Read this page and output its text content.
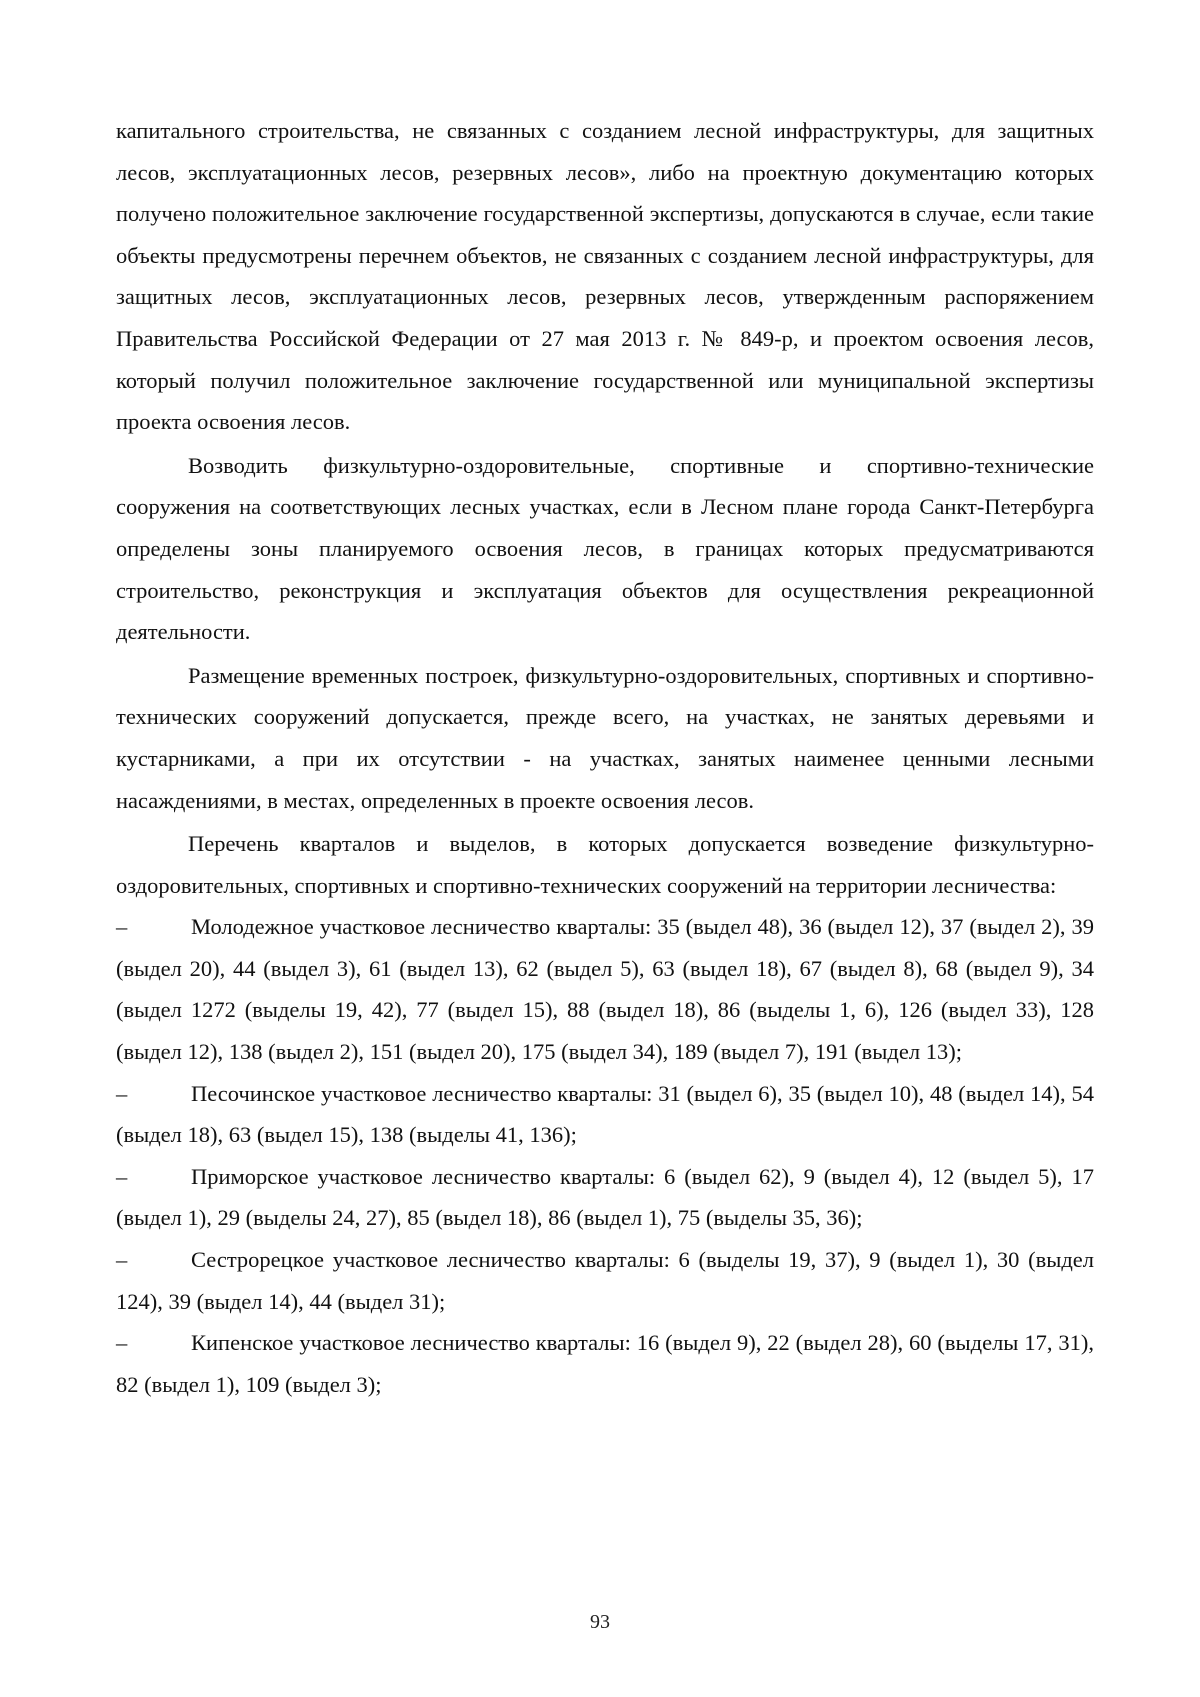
капитального строительства, не связанных с созданием лесной инфраструктуры, для защитных лесов, эксплуатационных лесов, резервных лесов», либо на проектную документацию которых получено положительное заключение государственной экспертизы, допускаются в случае, если такие объекты предусмотрены перечнем объектов, не связанных с созданием лесной инфраструктуры, для защитных лесов, эксплуатационных лесов, резервных лесов, утвержденным распоряжением Правительства Российской Федерации от 27 мая 2013 г. № 849-р, и проектом освоения лесов, который получил положительное заключение государственной или муниципальной экспертизы проекта освоения лесов.

Возводить физкультурно-оздоровительные, спортивные и спортивно-технические сооружения на соответствующих лесных участках, если в Лесном плане города Санкт-Петербурга определены зоны планируемого освоения лесов, в границах которых предусматриваются строительство, реконструкция и эксплуатация объектов для осуществления рекреационной деятельности.

Размещение временных построек, физкультурно-оздоровительных, спортивных и спортивно-технических сооружений допускается, прежде всего, на участках, не занятых деревьями и кустарниками, а при их отсутствии - на участках, занятых наименее ценными лесными насаждениями, в местах, определенных в проекте освоения лесов.

Перечень кварталов и выделов, в которых допускается возведение физкультурно-оздоровительных, спортивных и спортивно-технических сооружений на территории лесничества:

–	Молодежное участковое лесничество кварталы: 35 (выдел 48), 36 (выдел 12), 37 (выдел 2), 39 (выдел 20), 44 (выдел 3), 61 (выдел 13), 62 (выдел 5), 63 (выдел 18), 67 (выдел 8), 68 (выдел 9), 34 (выдел 1272 (выделы 19, 42), 77 (выдел 15), 88 (выдел 18), 86 (выделы 1, 6), 126 (выдел 33), 128 (выдел 12), 138 (выдел 2), 151 (выдел 20), 175 (выдел 34), 189 (выдел 7), 191 (выдел 13);

–	Песочинское участковое лесничество кварталы: 31 (выдел 6), 35 (выдел 10), 48 (выдел 14), 54 (выдел 18), 63 (выдел 15), 138 (выделы 41, 136);

–	Приморское участковое лесничество кварталы: 6 (выдел 62), 9 (выдел 4), 12 (выдел 5), 17 (выдел 1), 29 (выделы 24, 27), 85 (выдел 18), 86 (выдел 1), 75 (выделы 35, 36);

–	Сестрорецкое участковое лесничество кварталы: 6 (выделы 19, 37), 9 (выдел 1), 30 (выдел 124), 39 (выдел 14), 44 (выдел 31);

–	Кипенское участковое лесничество кварталы: 16 (выдел 9), 22 (выдел 28), 60 (выделы 17, 31), 82 (выдел 1), 109 (выдел 3);

93
